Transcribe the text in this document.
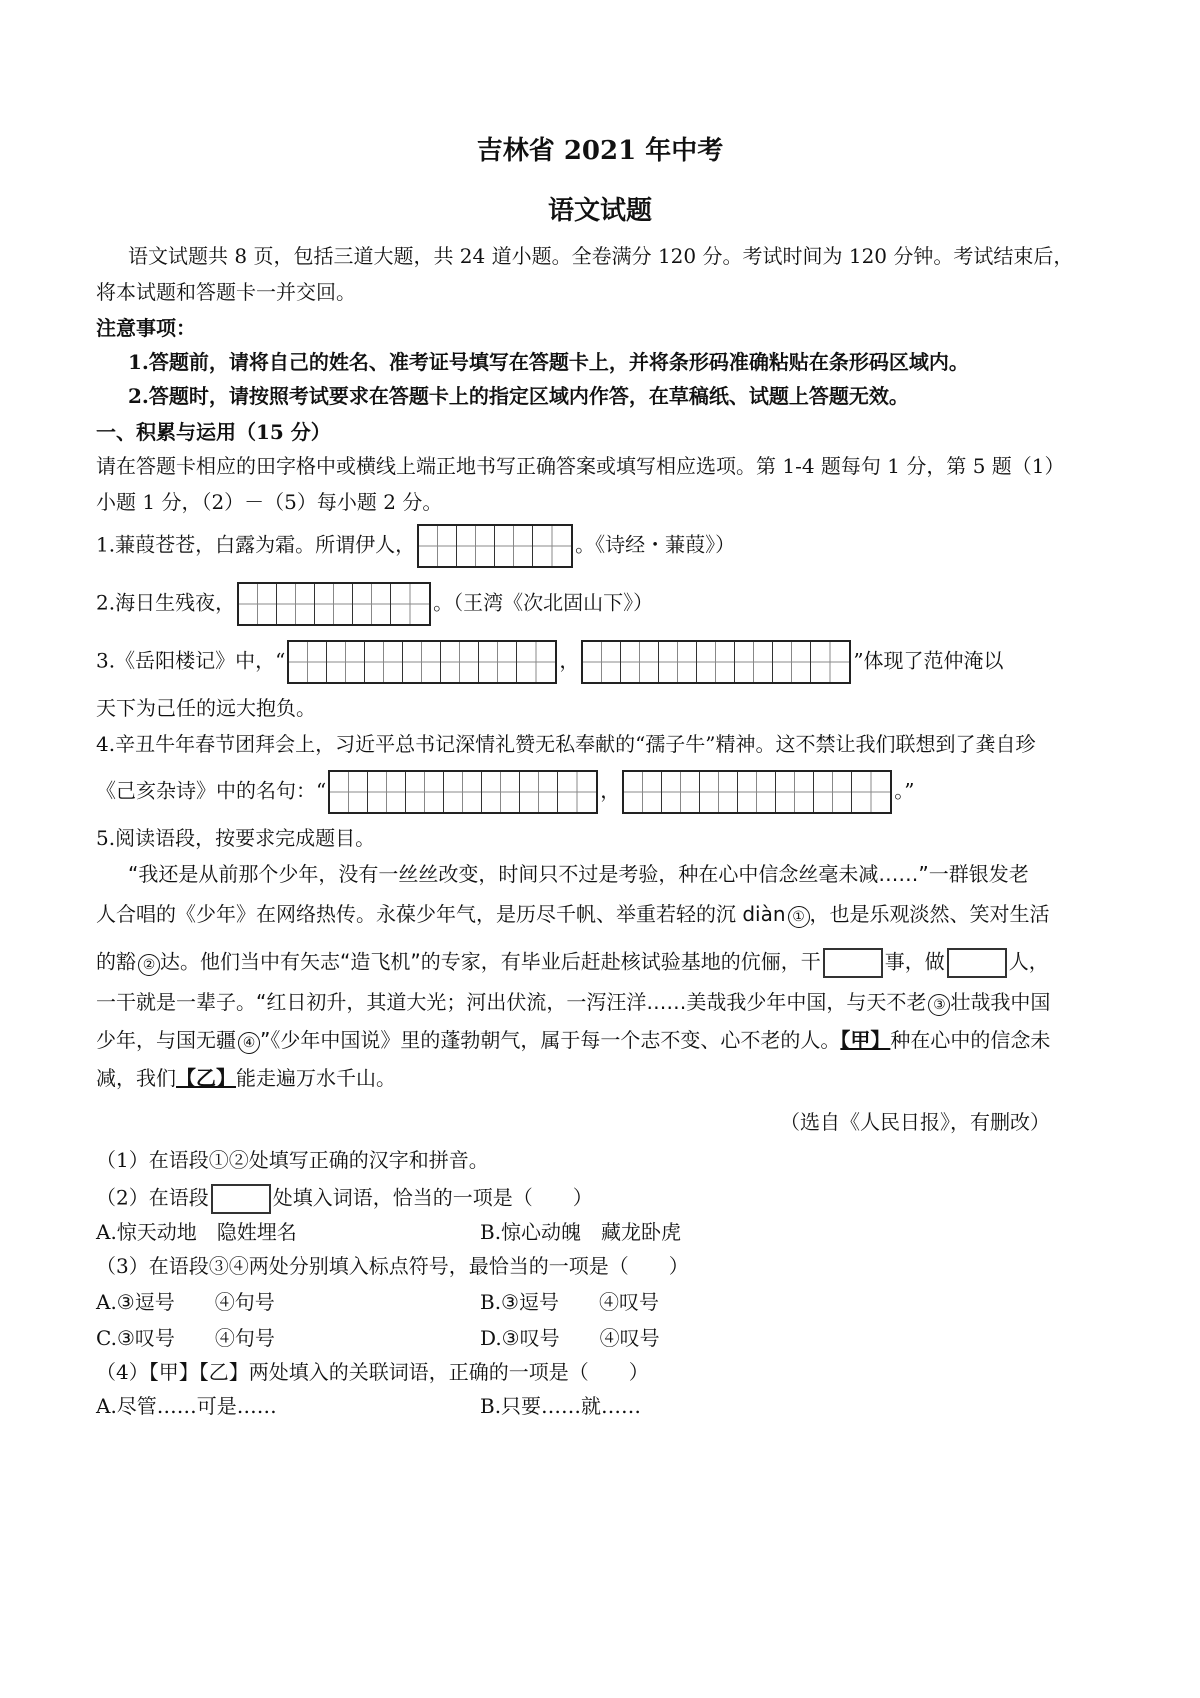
吉林省 2021 年中考
语文试题
语文试题共 8 页，包括三道大题，共 24 道小题。全卷满分 120 分。考试时间为 120 分钟。考试结束后，
将本试题和答题卡一并交回。
注意事项：
1.答题前，请将自己的姓名、准考证号填写在答题卡上，并将条形码准确粘贴在条形码区域内。
2.答题时，请按照考试要求在答题卡上的指定区域内作答，在草稿纸、试题上答题无效。
一、积累与运用（15 分）
请在答题卡相应的田字格中或横线上端正地书写正确答案或填写相应选项。第 1-4 题每句 1 分，第 5 题（1）
小题 1 分，（2）－（5）每小题 2 分。
1.蒹葭苍苍，白露为霜。所谓伊人，	。《诗经・蒹葭》）
2.海日生残夜，	。（王湾《次北固山下》）
3.《岳阳楼记》中，“	，	”体现了范仲淹以
天下为己任的远大抱负。
4.辛丑牛年春节团拜会上，习近平总书记深情礼赞无私奉献的“孺子牛”精神。这不禁让我们联想到了龚自珍
《己亥杂诗》中的名句：“	，	。”
5.阅读语段，按要求完成题目。
“我还是从前那个少年，没有一丝丝改变，时间只不过是考验，种在心中信念丝毫未减……”一群银发老
人合唱的《少年》在网络热传。永葆少年气，是历尽千帆、举重若轻的沉 diàn ① ，也是乐观淡然、笑对生活
的豁 ② 达。他们当中有矢志“造飞机”的专家，有毕业后赶赴核试验基地的伉俪，干	事，做	人，
一干就是一辈子。“红日初升，其道大光；河出伏流，一泻汪洋……美哉我少年中国，与天不老 ③ 壮哉我中国
少年，与国无疆 ④ ”《少年中国说》里的蓬勃朝气，属于每一个志不变、心不老的人。【甲】种在心中的信念未
减，我们【乙】能走遍万水千山。
（选自《人民日报》，有删改）
（1）在语段①②处填写正确的汉字和拼音。
（2）在语段	处填入词语，恰当的一项是（　　）
A.惊天动地　隐姓埋名	B.惊心动魄　藏龙卧虎
（3）在语段③④两处分别填入标点符号，最恰当的一项是（　　）
A.③逗号　　④句号	B.③逗号　　④叹号
C.③叹号　　④句号	D.③叹号　　④叹号
（4）【甲】【乙】两处填入的关联词语，正确的一项是（　　）
A.尽管……可是……	B.只要……就……
